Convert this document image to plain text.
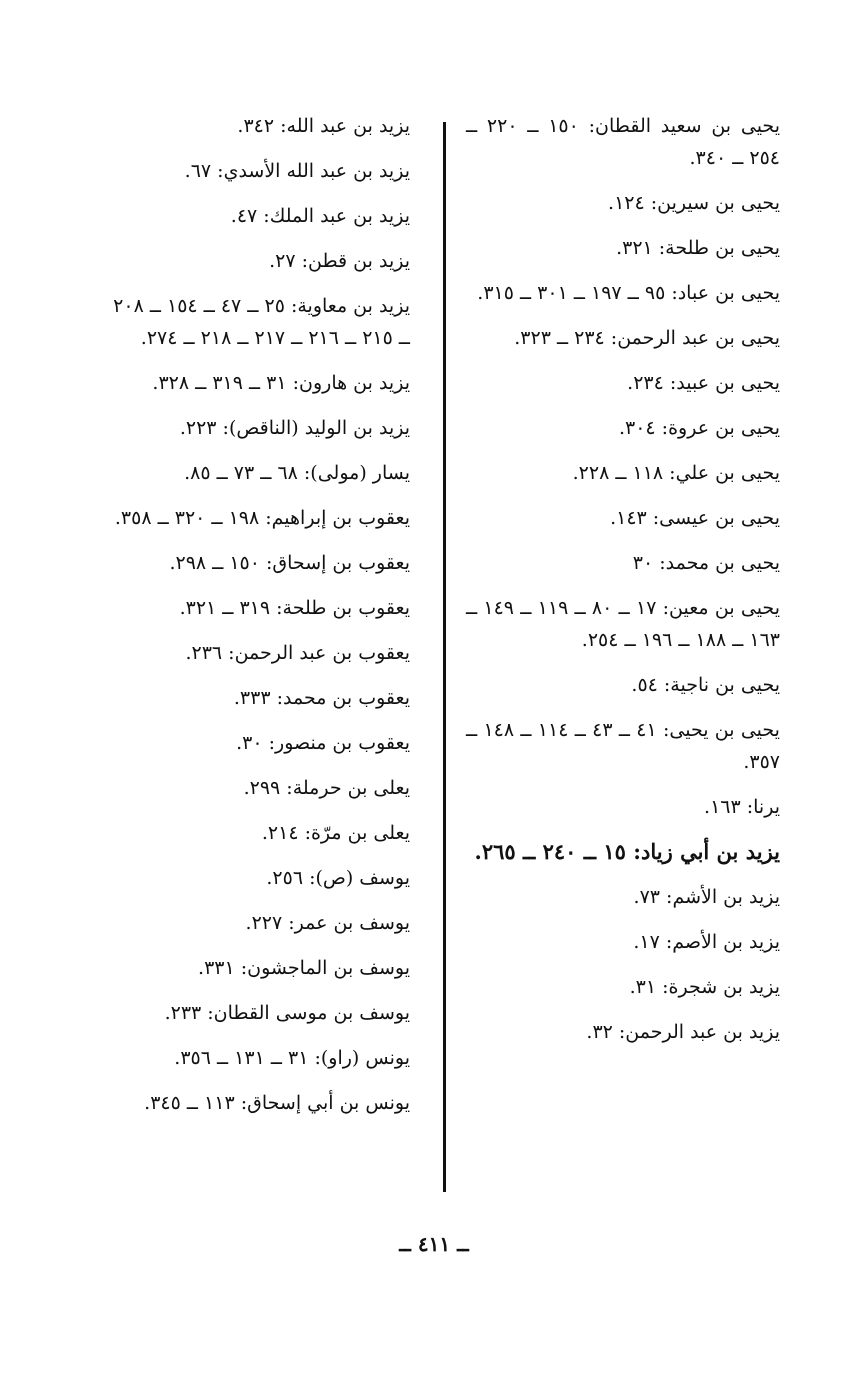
يحيى بن سعيد القطان: ١٥٠ ــ ٢٢٠ ــ ٢٥٤ ــ ٣٤٠.

يحيى بن سيرين: ١٢٤.

يحيى بن طلحة: ٣٢١.

يحيى بن عباد: ٩٥ ــ ١٩٧ ــ ٣٠١ ــ ٣١٥.

يحيى بن عبد الرحمن: ٢٣٤ ــ ٣٢٣.

يحيى بن عبيد: ٢٣٤.

يحيى بن عروة: ٣٠٤.

يحيى بن علي: ١١٨ ــ ٢٢٨.

يحيى بن عيسى: ١٤٣.

يحيى بن محمد: ٣٠

يحيى بن معين: ١٧ ــ ٨٠ ــ ١١٩ ــ ١٤٩ ــ ١٦٣ ــ ١٨٨ ــ ١٩٦ ــ ٢٥٤.

يحيى بن ناجية: ٥٤.

يحيى بن يحيى: ٤١ ــ ٤٣ ــ ١١٤ ــ ١٤٨ ــ ٣٥٧.

يرنا: ١٦٣.

يزيد بن أبي زياد: ١٥ ــ ٢٤٠ ــ ٢٦٥.

يزيد بن الأشم: ٧٣.

يزيد بن الأصم: ١٧.

يزيد بن شجرة: ٣١.

يزيد بن عبد الرحمن: ٣٢.

يزيد بن عبد الله: ٣٤٢.

يزيد بن عبد الله الأسدي: ٦٧.

يزيد بن عبد الملك: ٤٧.

يزيد بن قطن: ٢٧.

يزيد بن معاوية: ٢٥ ــ ٤٧ ــ ١٥٤ ــ ٢٠٨ ــ ٢١٥ ــ ٢١٦ ــ ٢١٧ ــ ٢١٨ ــ ٢٧٤.

يزيد بن هارون: ٣١ ــ ٣١٩ ــ ٣٢٨.

يزيد بن الوليد (الناقص): ٢٢٣.

يسار (مولى): ٦٨ ــ ٧٣ ــ ٨٥.

يعقوب بن إبراهيم: ١٩٨ ــ ٣٢٠ ــ ٣٥٨.

يعقوب بن إسحاق: ١٥٠ ــ ٢٩٨.

يعقوب بن طلحة: ٣١٩ ــ ٣٢١.

يعقوب بن عبد الرحمن: ٢٣٦.

يعقوب بن محمد: ٣٣٣.

يعقوب بن منصور: ٣٠.

يعلى بن حرملة: ٢٩٩.

يعلى بن مرّة: ٢١٤.

يوسف (ص): ٢٥٦.

يوسف بن عمر: ٢٢٧.

يوسف بن الماجشون: ٣٣١.

يوسف بن موسى القطان: ٢٣٣.

يونس (راو): ٣١ ــ ١٣١ ــ ٣٥٦.

يونس بن أبي إسحاق: ١١٣ ــ ٣٤٥.

ــ ٤١١ ــ
